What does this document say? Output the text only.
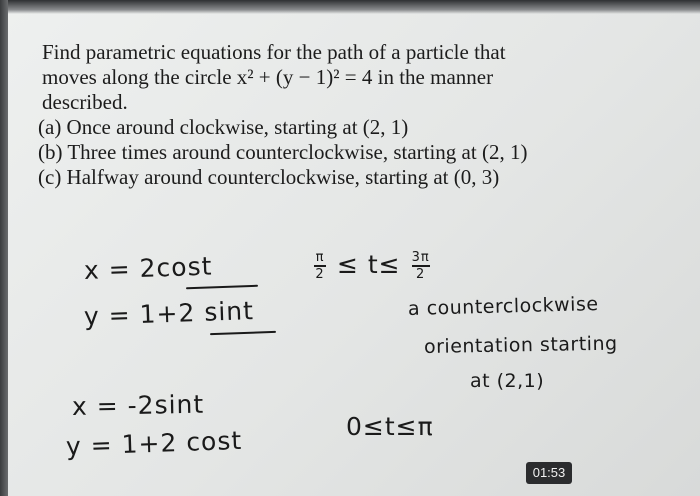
Find parametric equations for the path of a particle that
moves along the circle x² + (y − 1)² = 4 in the manner
described.
(a) Once around clockwise, starting at (2, 1)
(b) Three times around counterclockwise, starting at (2, 1)
(c) Halfway around counterclockwise, starting at (0, 3)
x = 2cost
y = 1+2 sint
$\frac{\pi}{2} \le t\le \frac{3\pi}{2}$
a counterclockwise
orientation starting
at (2,1)
x = -2sint
y = 1+2 cost	0≤t≤π
01:53
